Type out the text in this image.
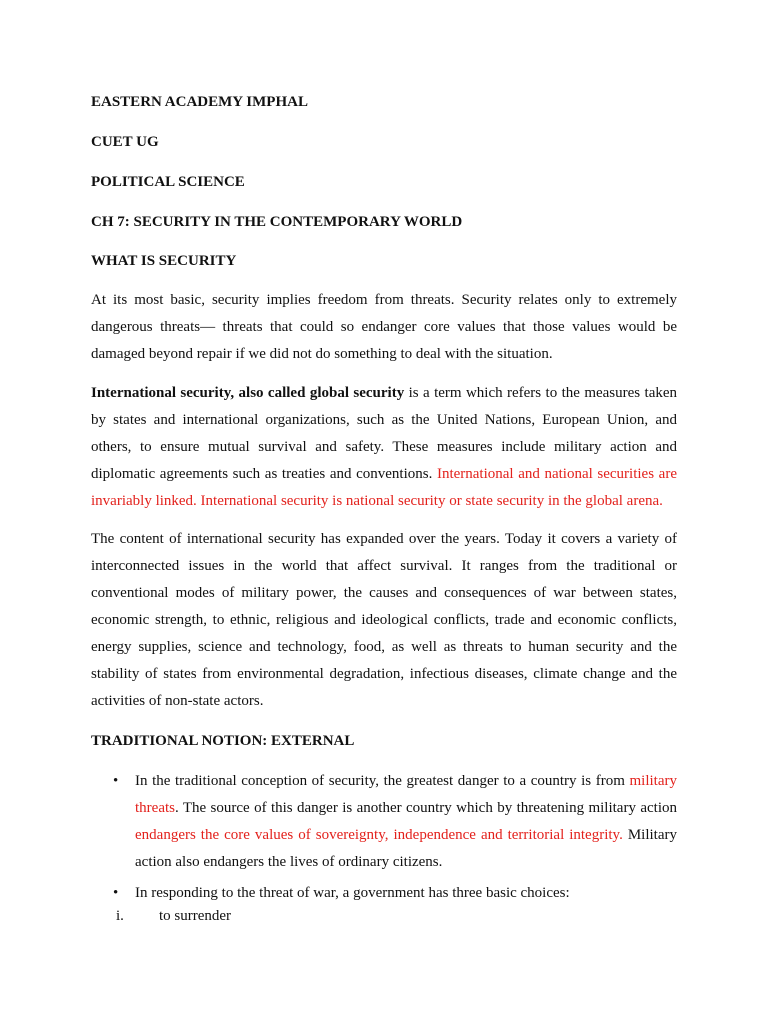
EASTERN ACADEMY IMPHAL
CUET UG
POLITICAL SCIENCE
CH 7: SECURITY IN THE CONTEMPORARY WORLD
WHAT IS SECURITY

At its most basic, security implies freedom from threats. Security relates only to extremely dangerous threats— threats that could so endanger core values that those values would be damaged beyond repair if we did not do something to deal with the situation.

International security, also called global security is a term which refers to the measures taken by states and international organizations, such as the United Nations, European Union, and others, to ensure mutual survival and safety. These measures include military action and diplomatic agreements such as treaties and conventions. International and national securities are invariably linked. International security is national security or state security in the global arena.

The content of international security has expanded over the years. Today it covers a variety of interconnected issues in the world that affect survival. It ranges from the traditional or conventional modes of military power, the causes and consequences of war between states, economic strength, to ethnic, religious and ideological conflicts, trade and economic conflicts, energy supplies, science and technology, food, as well as threats to human security and the stability of states from environmental degradation, infectious diseases, climate change and the activities of non-state actors.

TRADITIONAL NOTION: EXTERNAL
• In the traditional conception of security, the greatest danger to a country is from military threats. The source of this danger is another country which by threatening military action endangers the core values of sovereignty, independence and territorial integrity. Military action also endangers the lives of ordinary citizens.
• In responding to the threat of war, a government has three basic choices:

i. to surrender
